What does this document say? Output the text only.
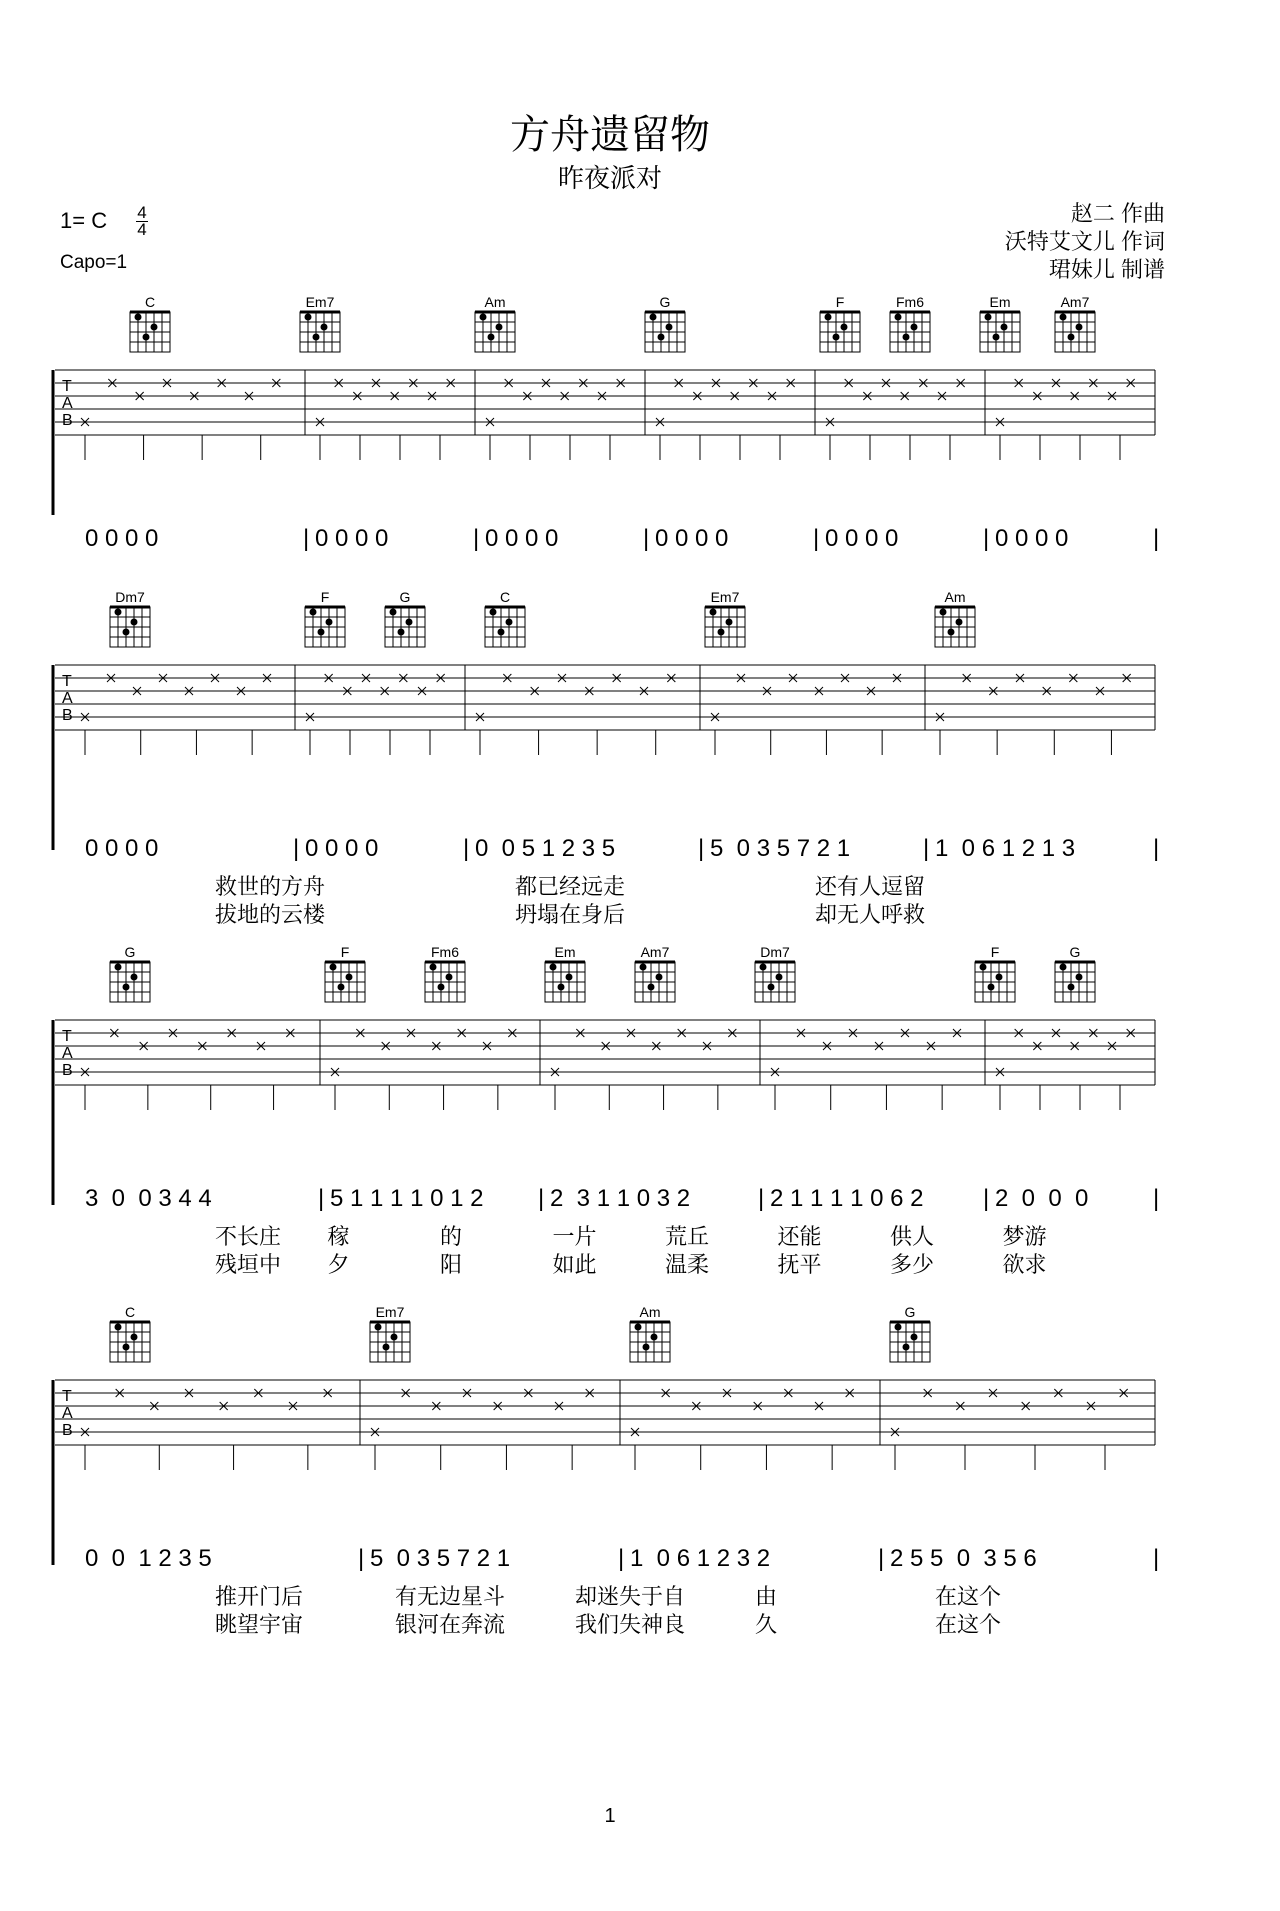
方舟遗留物
昨夜派对
1= C 4
4
Capo=1
赵二 作曲
沃特艾文儿 作词
珺妹儿 制谱
C	Em7	Am	G	F	Fm6	Em	Am7
T
A
B
0 0 0 0	| 0 0 0 0	| 0 0 0 0	| 0 0 0 0	| 0 0 0 0	| 0 0 0 0	|
Dm7	F	G	C	Em7	Am
T
A
B
0 0 0 0	| 0 0 0 0	| 0  0 5 1 2 3 5	| 5  0 3 5 7 2 1	| 1  0 6 1 2 1 3	|
救世的方舟	都已经远走	还有人逗留
拔地的云楼	坍塌在身后	却无人呼救
G	F	Fm6	Em	Am7	Dm7	F	G
T
A
B
3  0  0 3 4 4	| 5 1 1 1 1 0 1 2 | 2  3 1 1 0 3 2	| 2 1 1 1 1 0 6 2 | 2  0  0  0	|
不长庄 稼	的	一片	荒丘	还能	供人	梦游
残垣中 夕	阳	如此	温柔	抚平	多少	欲求
C	Em7	Am	G
T
A
B
0  0  1 2 3 5	| 5  0 3 5 7 2 1	| 1  0 6 1 2 3 2	| 2 5 5  0  3 5 6	|
推开门后	有无边星斗	却迷失于自	由	在这个
眺望宇宙	银河在奔流	我们失神良	久	在这个
1
